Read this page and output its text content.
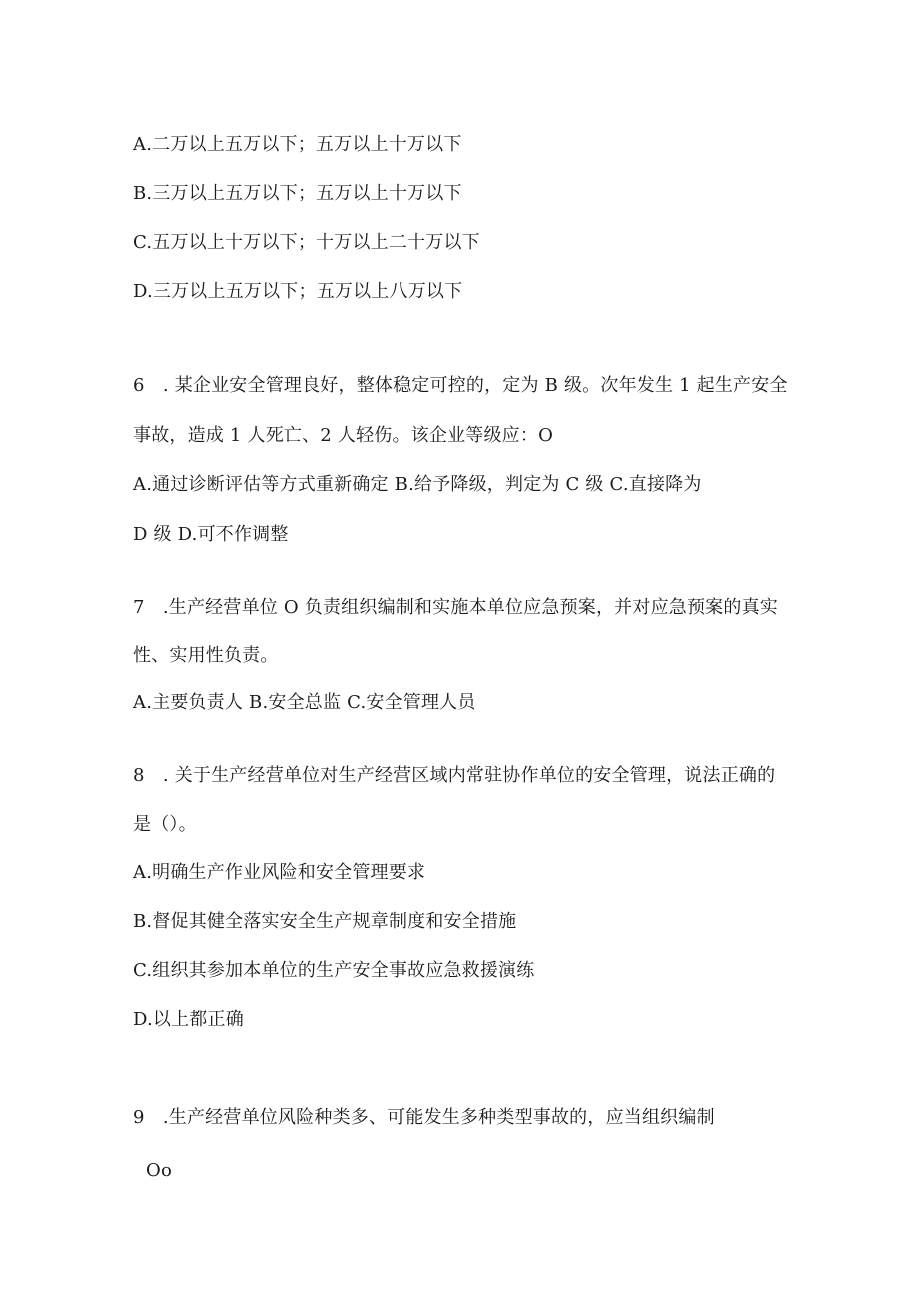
A.二万以上五万以下；五万以上十万以下
B.三万以上五万以下；五万以上十万以下
C.五万以上十万以下；十万以上二十万以下
D.三万以上五万以下；五万以上八万以下
6　. 某企业安全管理良好，整体稳定可控的，定为 B 级。次年发生 1 起生产安全
事故，造成 1 人死亡、2 人轻伤。该企业等级应：O
A.通过诊断评估等方式重新确定 B.给予降级，判定为 C 级 C.直接降为
D 级 D.可不作调整
7　.生产经营单位 O 负责组织编制和实施本单位应急预案，并对应急预案的真实
性、实用性负责。
A.主要负责人 B.安全总监 C.安全管理人员
8　. 关于生产经营单位对生产经营区域内常驻协作单位的安全管理，说法正确的
是（）。
A.明确生产作业风险和安全管理要求
B.督促其健全落实安全生产规章制度和安全措施
C.组织其参加本单位的生产安全事故应急救援演练
D.以上都正确
9　.生产经营单位风险种类多、可能发生多种类型事故的，应当组织编制
Oo
